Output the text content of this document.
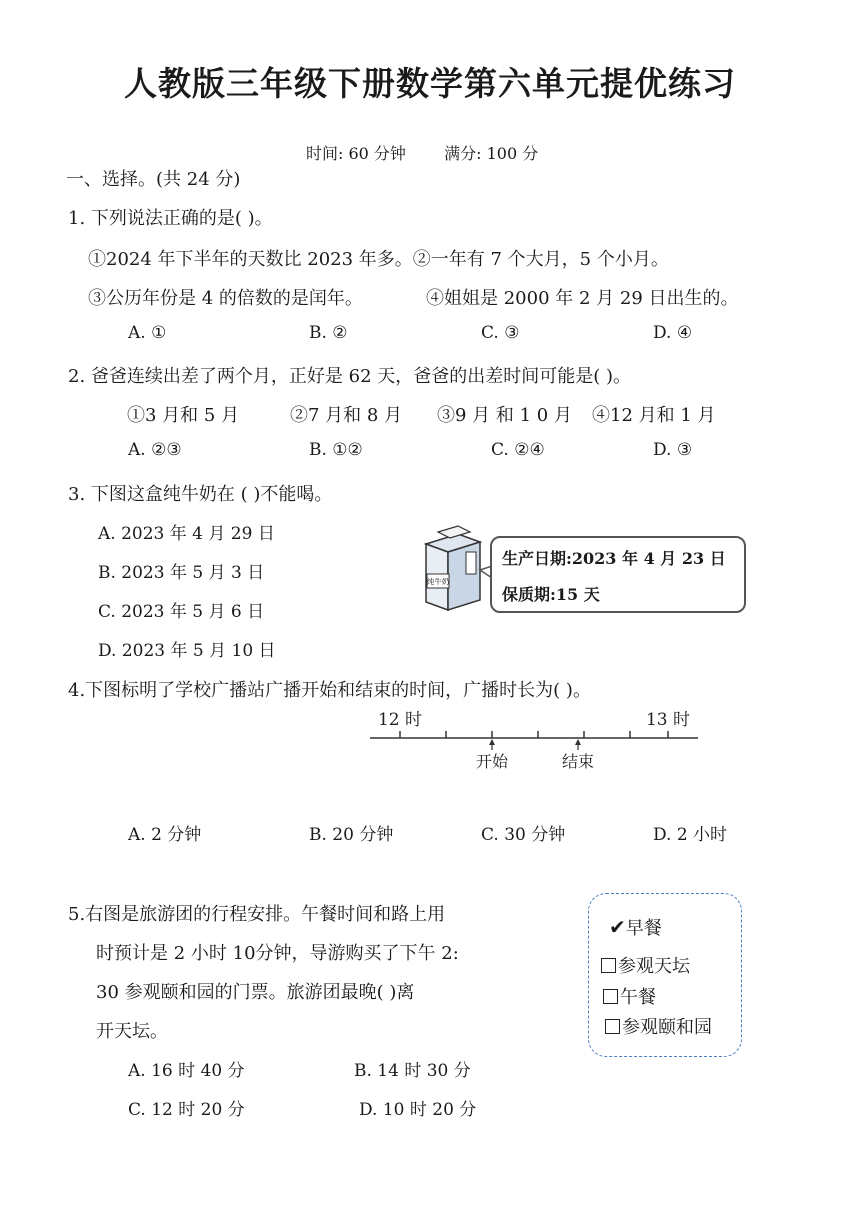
人教版三年级下册数学第六单元提优练习
时间: 60 分钟 满分: 100 分
一、选择。(共 24 分)
1. 下列说法正确的是( )。
①2024 年下半年的天数比 2023 年多。②一年有 7 个大月，5 个小月。
③公历年份是 4 的倍数的是闰年。	④姐姐是 2000 年 2 月 29 日出生的。
A. ①	B. ②	C. ③	D. ④
2. 爸爸连续出差了两个月，正好是 62 天，爸爸的出差时间可能是( )。
①3 月和 5 月	②7 月和 8 月 ③9 月 和 1 0 月 ④12 月和 1 月
A. ②③	B. ①②	C. ②④	D. ③
3. 下图这盒纯牛奶在 ( )不能喝。
A. 2023 年 4 月 29 日
B. 2023 年 5 月 3 日
C. 2023 年 5 月 6 日
D. 2023 年 5 月 10 日
纯牛奶
生产日期:2023 年 4 月 23 日
保质期:15 天
4.下图标明了学校广播站广播开始和结束的时间，广播时长为( )。
12 时	13 时
开始	结束
A. 2 分钟	B. 20 分钟	C. 30 分钟	D. 2 小时
5.右图是旅游团的行程安排。午餐时间和路上用
时预计是 2 小时 10分钟，导游购买了下午 2:
30 参观颐和园的门票。旅游团最晚( )离
开天坛。
A. 16 时 40 分	B. 14 时 30 分
C. 12 时 20 分	D. 10 时 20 分
✔早餐
参观天坛
午餐
参观颐和园
